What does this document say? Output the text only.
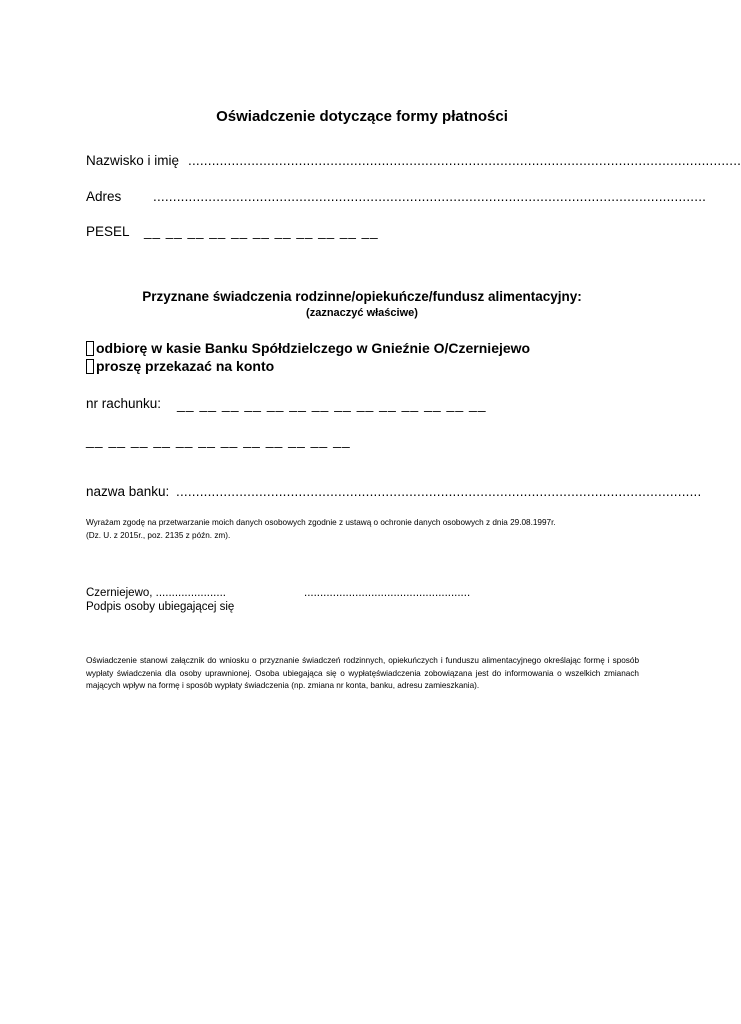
Oświadczenie dotyczące formy płatności
Nazwisko i imię ............................................................................................................................................
Adres ............................................................................................................................................
PESEL __ __ __ __ __ __ __ __ __ __ __
Przyznane świadczenia rodzinne/opiekuńcze/fundusz alimentacyjny:
(zaznaczyć właściwe)
odbiorę w kasie Banku Spółdzielczego w Gnieźnie O/Czerniejewo
proszę przekazać na konto
nr rachunku: __ __ __ __ __ __ __ __ __ __ __ __ __ __
__ __ __ __ __ __ __ __ __ __ __ __
nazwa banku: .....................................................................................................................................
Wyrażam zgodę na przetwarzanie moich danych osobowych zgodnie z ustawą o ochronie danych osobowych z dnia 29.08.1997r.
(Dz. U. z 2015r., poz. 2135 z późn. zm).
Czerniejewo, ......................	....................................................
Podpis osoby ubiegającej się
Oświadczenie stanowi załącznik do wniosku o przyznanie świadczeń rodzinnych, opiekuńczych i funduszu alimentacyjnego określając formę i sposób wypłaty świadczenia dla osoby uprawnionej. Osoba ubiegająca się o wypłatęświadczenia zobowiązana jest do informowania o wszelkich zmianach mających wpływ na formę i sposób wypłaty świadczenia (np. zmiana nr konta, banku, adresu zamieszkania).
